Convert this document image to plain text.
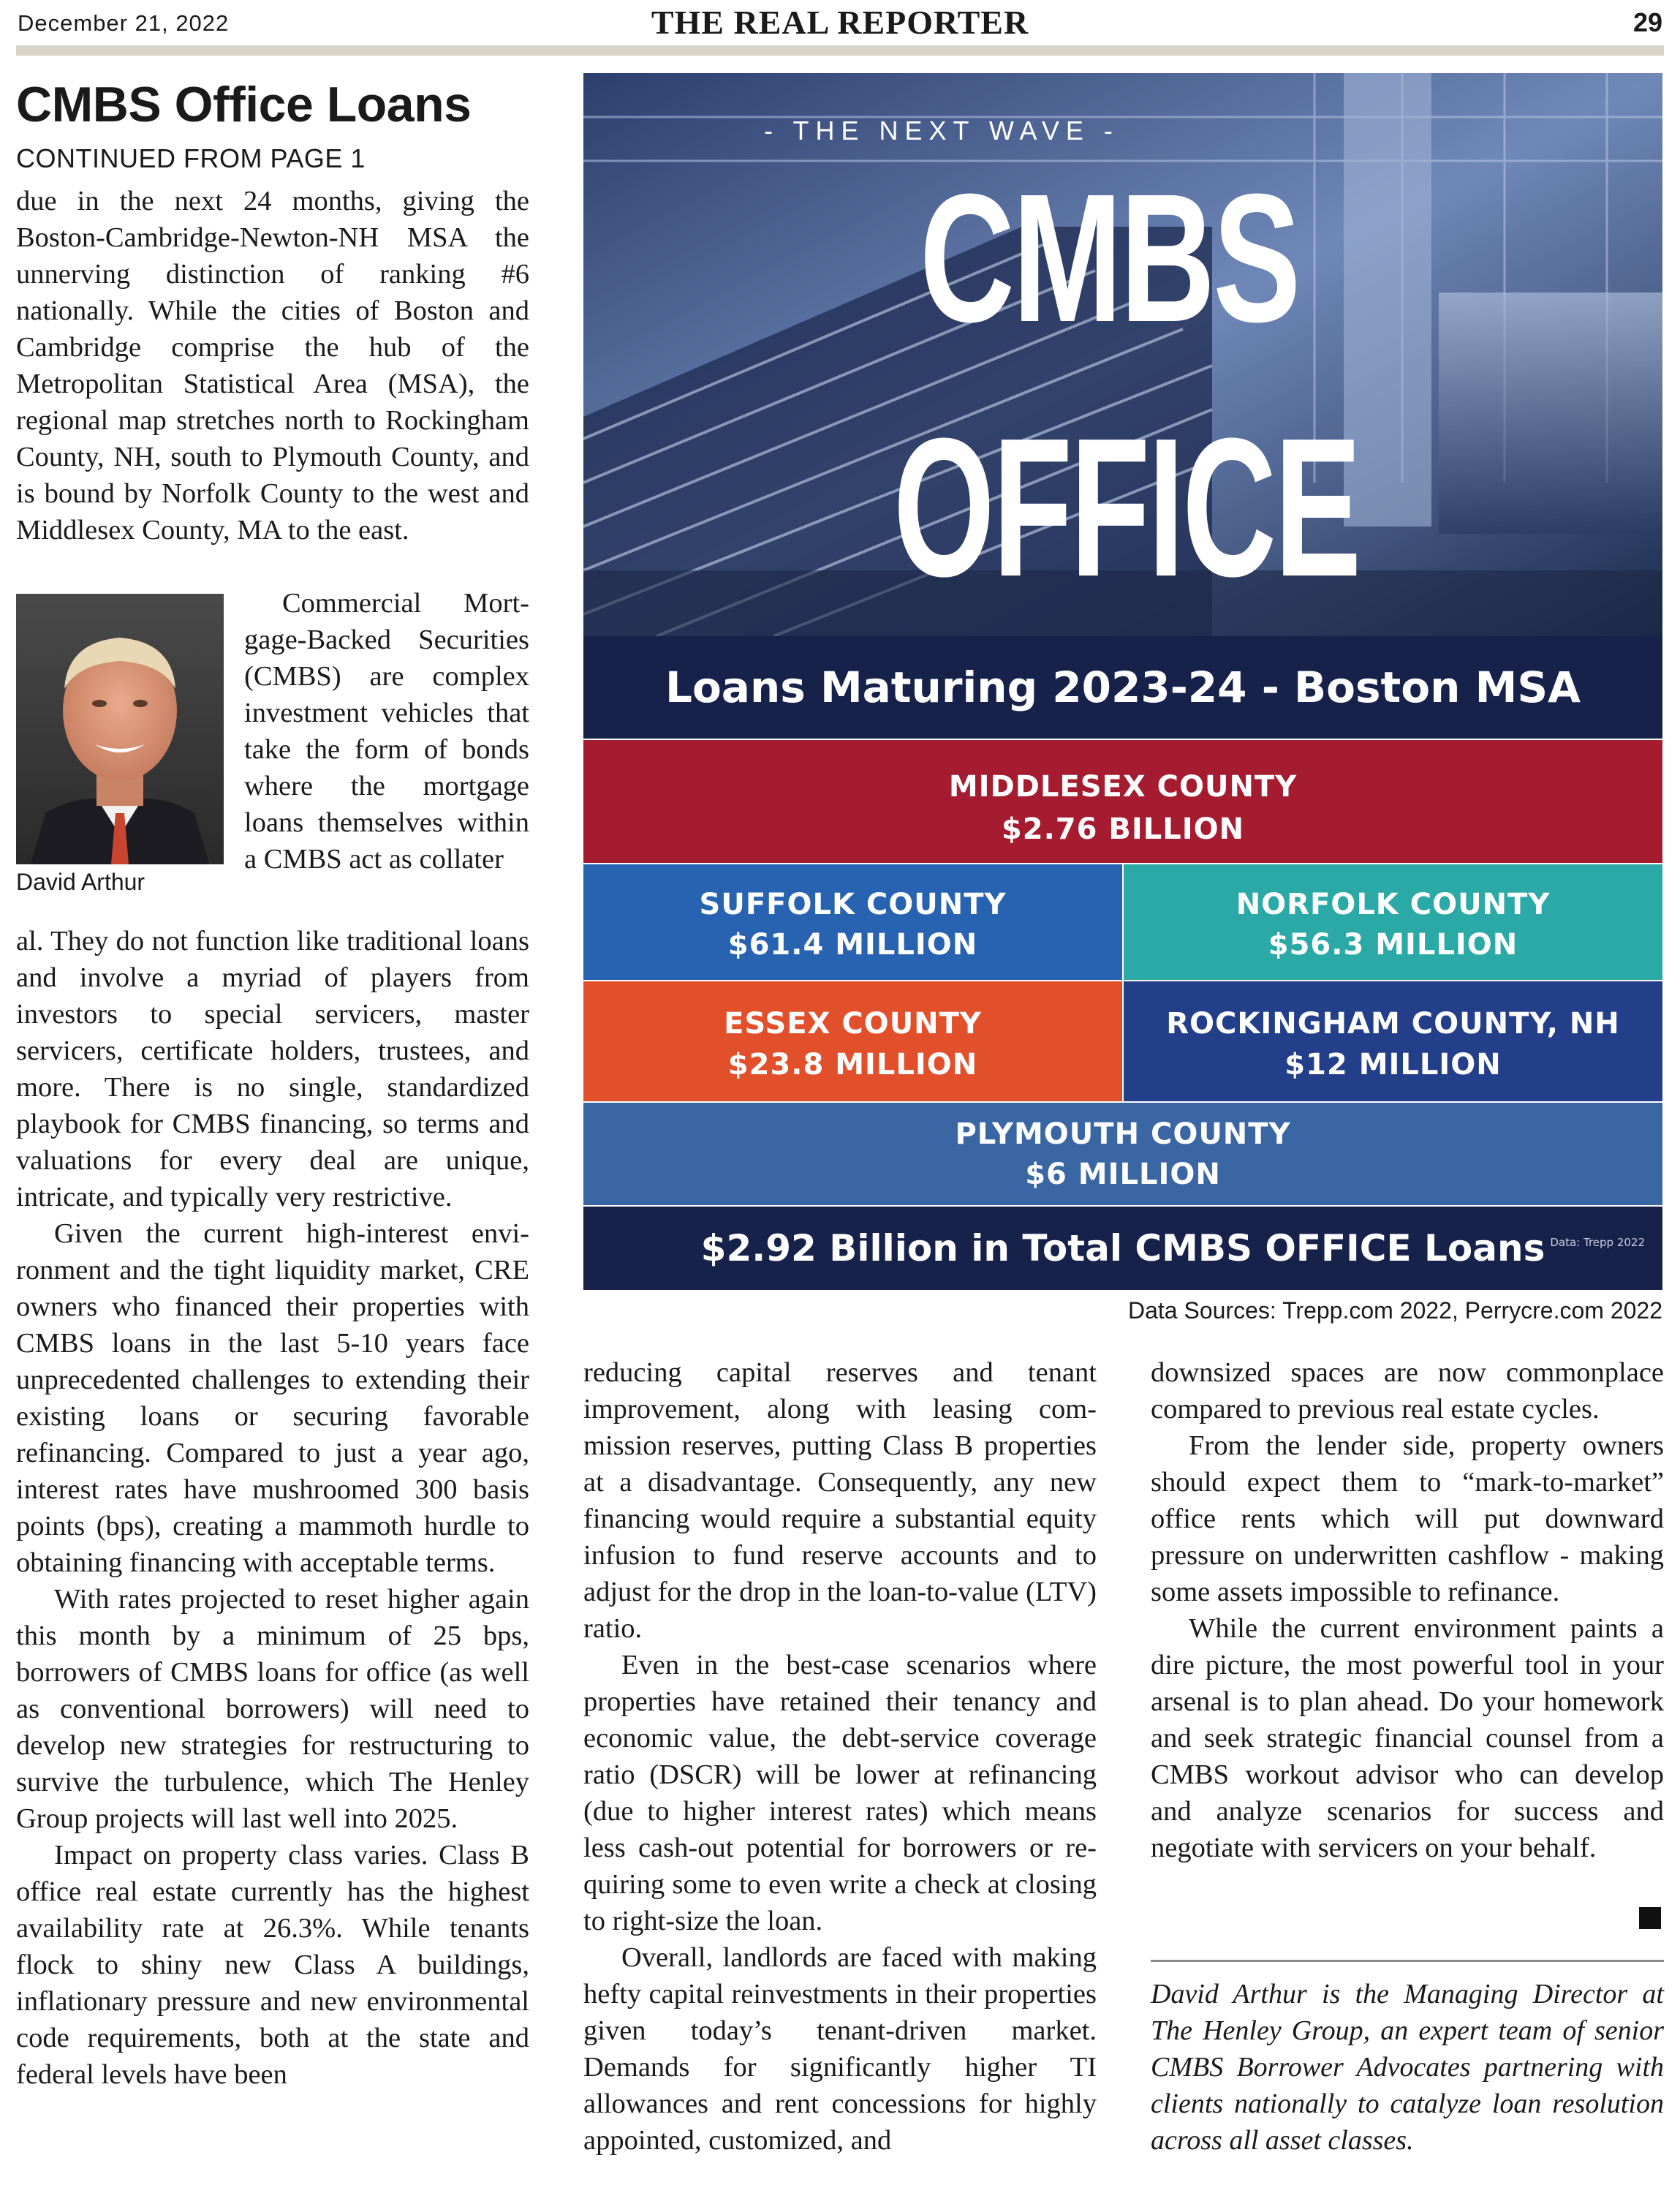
December 21, 2022	THE REAL REPORTER	29
CMBS Office Loans
CONTINUED FROM PAGE 1

due in the next 24 months, giving the Boston-Cambridge-Newton-NH MSA the unnerving distinction of ranking #6 nationally. While the cities of Boston and Cambridge comprise the hub of the Metropolitan Statistical Area (MSA), the regional map stretches north to Rockingham County, NH, south to Plymouth County, and is bound by Norfolk County to the west and Middlesex County, MA to the east.

David Arthur

Commercial Mortgage-Backed Securities (CMBS) are complex investment vehicles that take the form of bonds where the mortgage loans themselves within a CMBS act as collater

al. They do not function like traditional loans and involve a myriad of players from investors to special servicers, master servicers, certificate holders, trustees, and more. There is no single, standardized playbook for CMBS financing, so terms and valuations for every deal are unique, intricate, and typically very restrictive.

Given the current high-interest environment and the tight liquidity market, CRE owners who financed their properties with CMBS loans in the last 5-10 years face unprecedented challenges to extending their existing loans or securing favorable refinancing. Compared to just a year ago, interest rates have mushroomed 300 basis points (bps), creating a mammoth hurdle to obtaining financing with acceptable terms.

With rates projected to reset higher again this month by a minimum of 25 bps, borrowers of CMBS loans for office (as well as conventional borrowers) will need to develop new strategies for restructuring to survive the turbulence, which The Henley Group projects will last well into 2025.

Impact on property class varies. Class B office real estate currently has the highest availability rate at 26.3%. While tenants flock to shiny new Class A buildings, inflationary pressure and new environmental code requirements, both at the state and federal levels have been

- THE NEXT WAVE -
CMBS
OFFICE
Loans Maturing 2023-24 - Boston MSA
MIDDLESEX COUNTY
$2.76 BILLION
SUFFOLK COUNTY
$61.4 MILLION
NORFOLK COUNTY
$56.3 MILLION
ESSEX COUNTY
$23.8 MILLION
ROCKINGHAM COUNTY, NH
$12 MILLION
PLYMOUTH COUNTY
$6 MILLION
$2.92 Billion in Total CMBS OFFICE Loans Data: Trepp 2022
Data Sources: Trepp.com 2022, Perrycre.com 2022

reducing capital reserves and tenant improvement, along with leasing commission reserves, putting Class B properties at a disadvantage. Consequently, any new financing would require a substantial equity infusion to fund reserve accounts and to adjust for the drop in the loan-to-value (LTV) ratio.

Even in the best-case scenarios where properties have retained their tenancy and economic value, the debt-service coverage ratio (DSCR) will be lower at refinancing (due to higher interest rates) which means less cash-out potential for borrowers or requiring some to even write a check at closing to right-size the loan.

Overall, landlords are faced with making hefty capital reinvestments in their properties given today’s tenant-driven market. Demands for significantly higher TI allowances and rent concessions for highly appointed, customized, and

downsized spaces are now commonplace compared to previous real estate cycles.

From the lender side, property owners should expect them to “mark-to-market” office rents which will put downward pressure on underwritten cashflow - making some assets impossible to refinance.

While the current environment paints a dire picture, the most powerful tool in your arsenal is to plan ahead. Do your homework and seek strategic financial counsel from a CMBS workout advisor who can develop and analyze scenarios for success and negotiate with servicers on your behalf.

David Arthur is the Managing Director at The Henley Group, an expert team of senior CMBS Borrower Advocates partnering with clients nationally to catalyze loan resolution across all asset classes.
